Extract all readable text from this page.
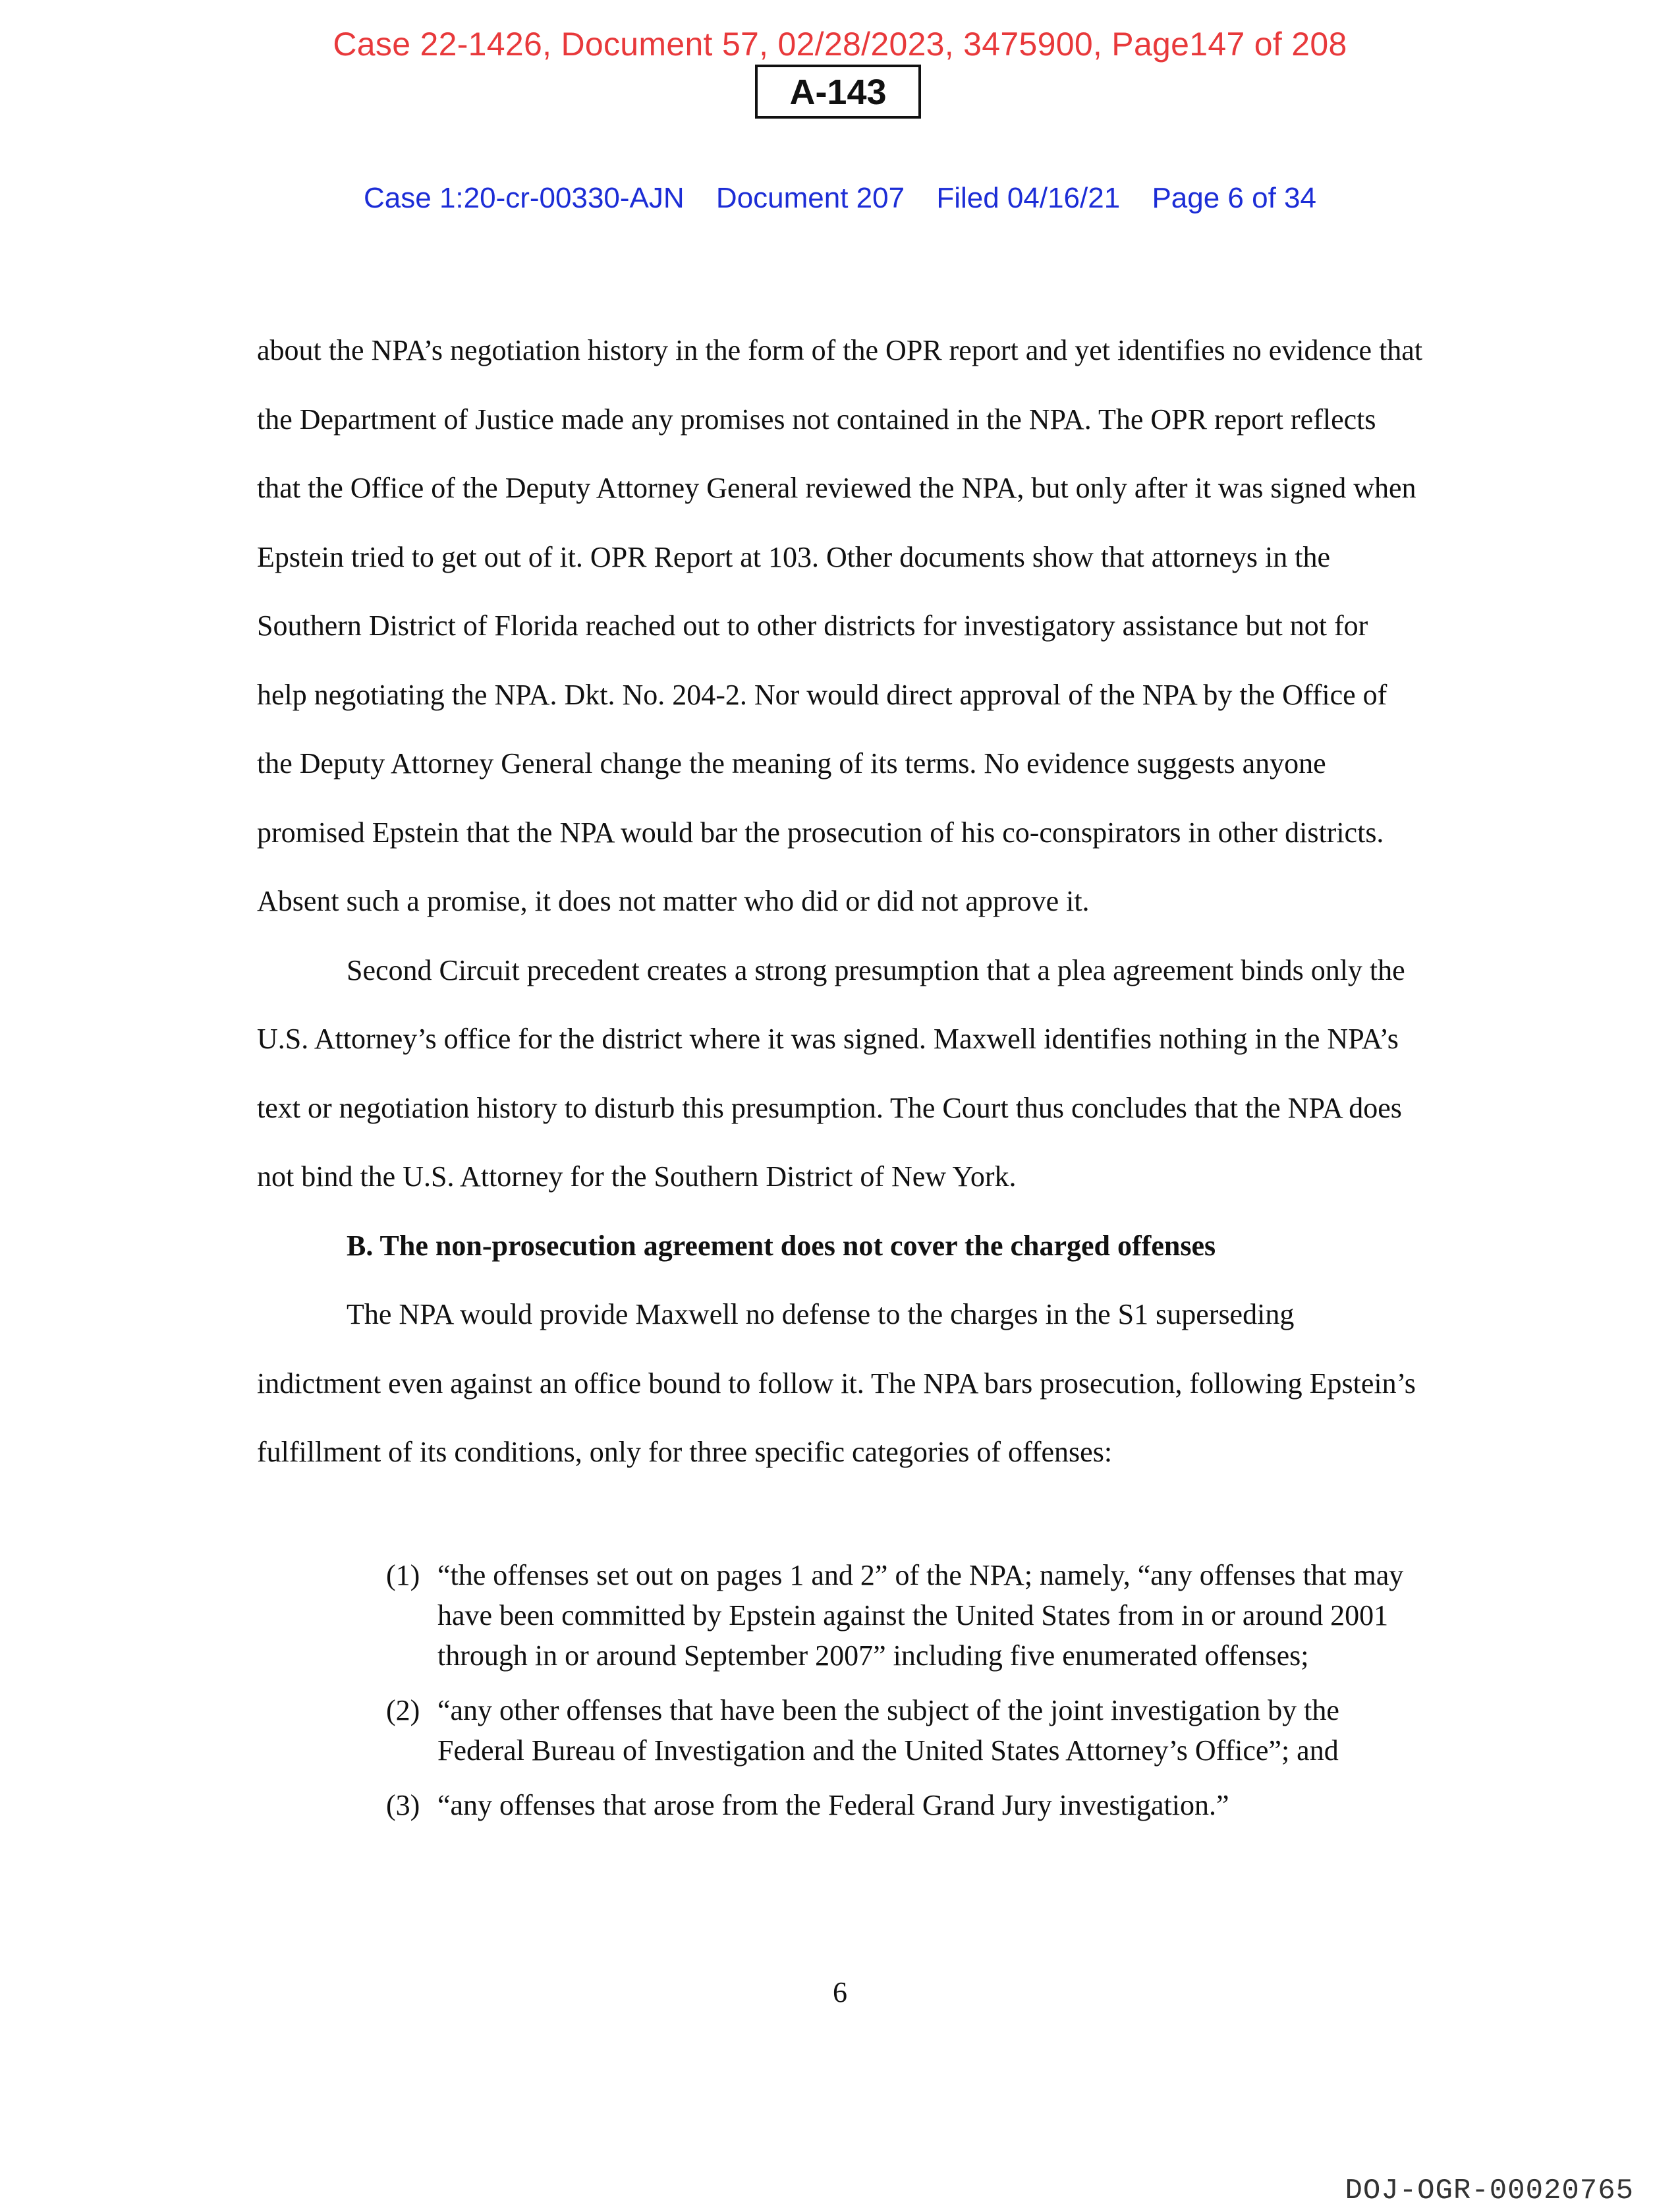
Case 22-1426, Document 57, 02/28/2023, 3475900, Page147 of 208
A-143
Case 1:20-cr-00330-AJN Document 207 Filed 04/16/21 Page 6 of 34

about the NPA’s negotiation history in the form of the OPR report and yet identifies no evidence that the Department of Justice made any promises not contained in the NPA. The OPR report reflects that the Office of the Deputy Attorney General reviewed the NPA, but only after it was signed when Epstein tried to get out of it. OPR Report at 103. Other documents show that attorneys in the Southern District of Florida reached out to other districts for investigatory assistance but not for help negotiating the NPA. Dkt. No. 204-2. Nor would direct approval of the NPA by the Office of the Deputy Attorney General change the meaning of its terms. No evidence suggests anyone promised Epstein that the NPA would bar the prosecution of his co-conspirators in other districts. Absent such a promise, it does not matter who did or did not approve it.

Second Circuit precedent creates a strong presumption that a plea agreement binds only the U.S. Attorney’s office for the district where it was signed. Maxwell identifies nothing in the NPA’s text or negotiation history to disturb this presumption. The Court thus concludes that the NPA does not bind the U.S. Attorney for the Southern District of New York.

B. The non-prosecution agreement does not cover the charged offenses

The NPA would provide Maxwell no defense to the charges in the S1 superseding indictment even against an office bound to follow it. The NPA bars prosecution, following Epstein’s fulfillment of its conditions, only for three specific categories of offenses:

(1) “the offenses set out on pages 1 and 2” of the NPA; namely, “any offenses that may have been committed by Epstein against the United States from in or around 2001 through in or around September 2007” including five enumerated offenses;
(2) “any other offenses that have been the subject of the joint investigation by the Federal Bureau of Investigation and the United States Attorney’s Office”; and
(3) “any offenses that arose from the Federal Grand Jury investigation.”
6
DOJ-OGR-00020765
